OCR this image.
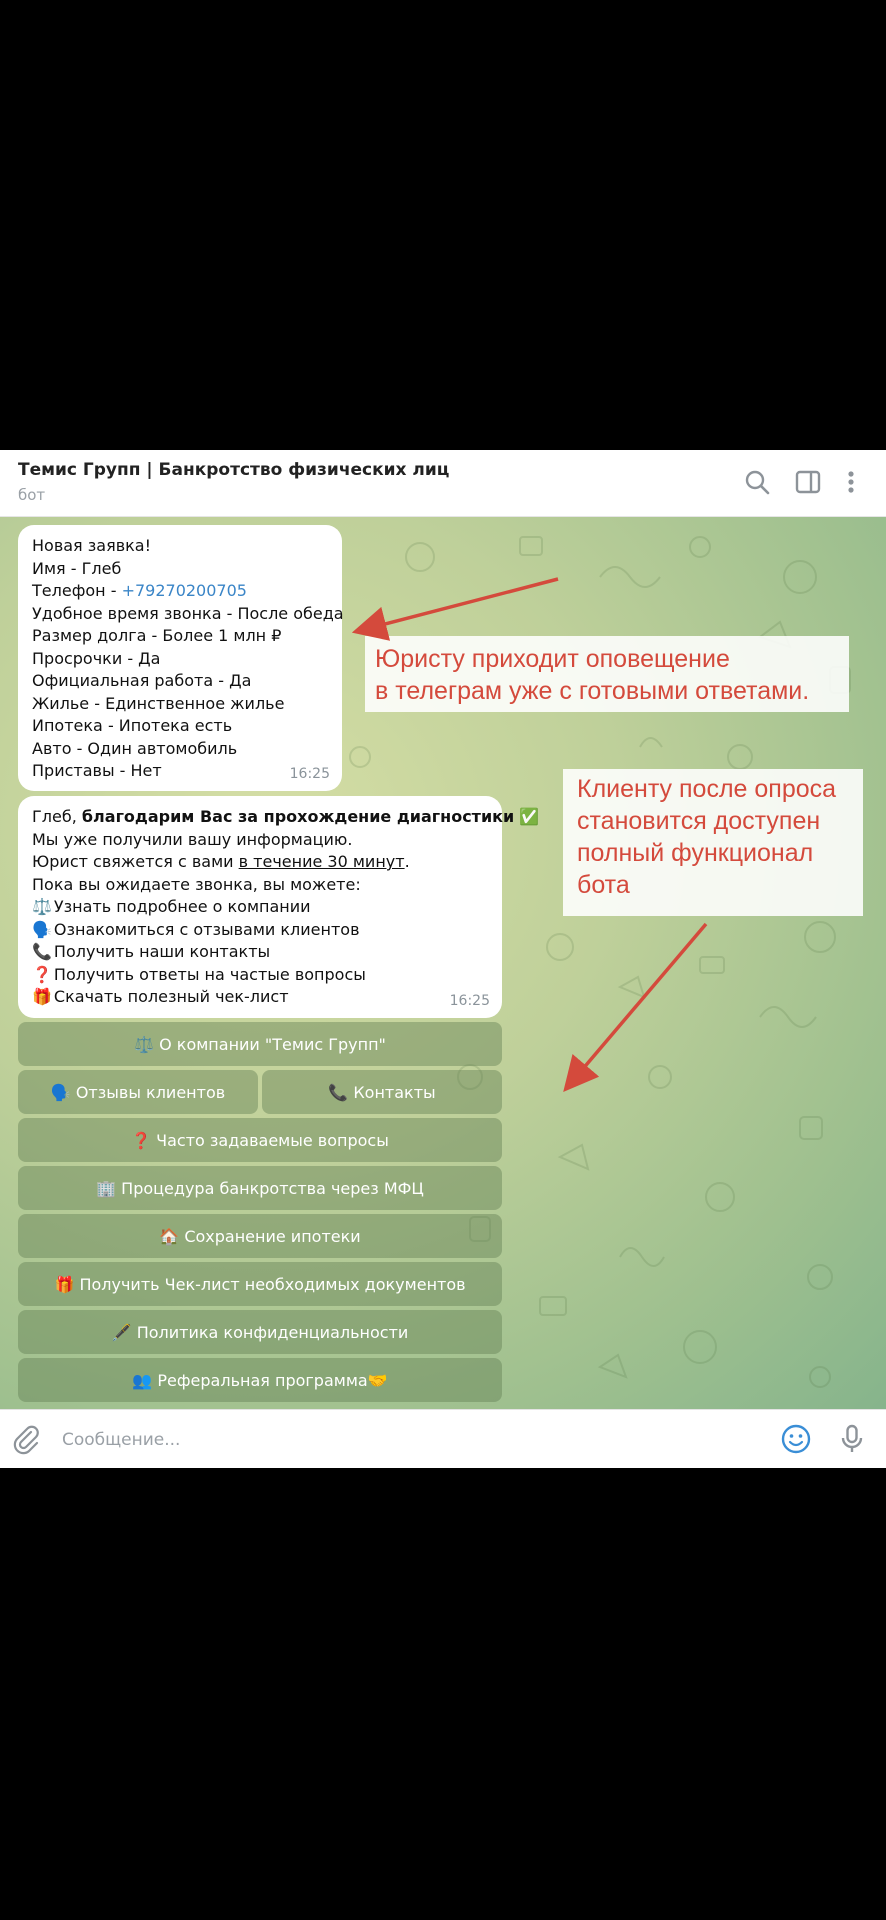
Темис Групп | Банкротство физических лиц
бот
Новая заявка!
Имя - Глеб
Телефон - +79270200705
Удобное время звонка - После обеда
Размер долга - Более 1 млн ₽
Просрочки - Да
Официальная работа - Да
Жилье - Единственное жилье
Ипотека - Ипотека есть
Авто - Один автомобиль
Приставы - Нет	16:25
Глеб, благодарим Вас за прохождение диагностики ✅
Мы уже получили вашу информацию.
Юрист свяжется с вами в течение 30 минут.
Пока вы ожидаете звонка, вы можете:
⚖️ Узнать подробнее о компании
🗣️ Ознакомиться с отзывами клиентов
📞 Получить наши контакты
❓ Получить ответы на частые вопросы
🎁 Скачать полезный чек-лист	16:25
⚖️ О компании "Темис Групп"
🗣️ Отзывы клиентов	📞 Контакты
❓ Часто задаваемые вопросы
🏢 Процедура банкротства через МФЦ
🏠 Сохранение ипотеки
🎁 Получить Чек-лист необходимых документов
🖋️ Политика конфиденциальности
👥 Реферальная программа🤝
Юристу приходит оповещение
в телеграм уже с готовыми ответами.
Клиенту после опроса
становится доступен
полный функционал
бота
Сообщение...
